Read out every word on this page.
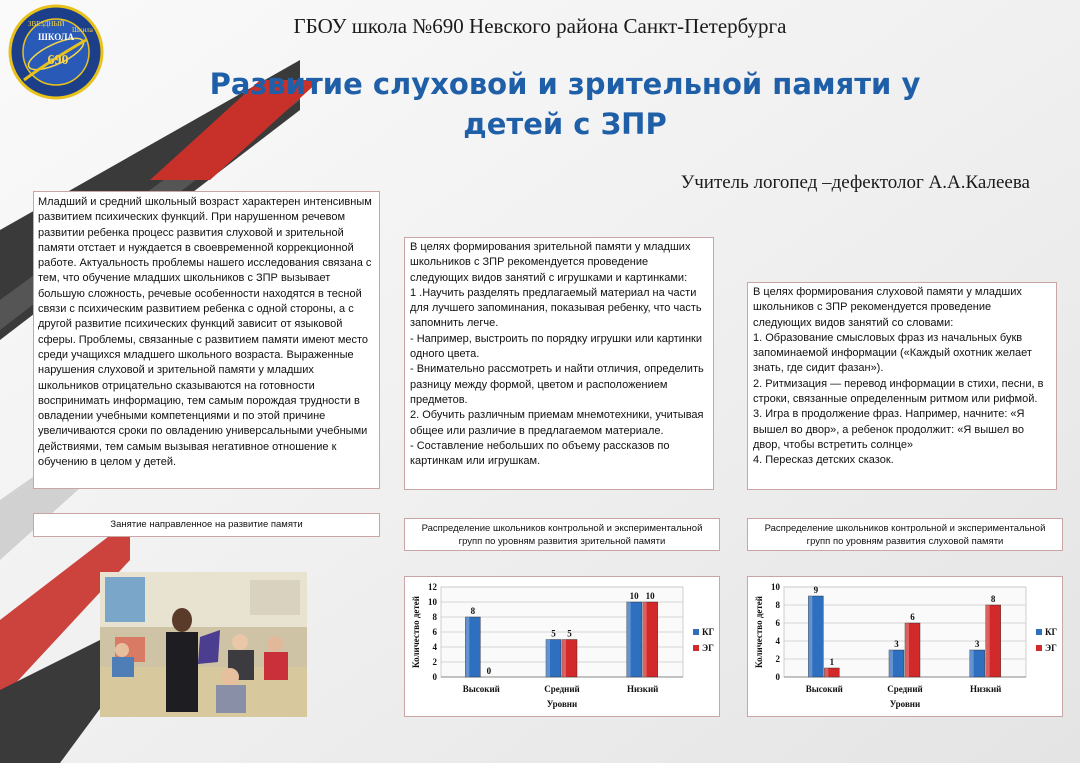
ШКОЛА
690
ЗВЕЗДНЫЙ
Шкила	ГБОУ школа №690 Невского района Санкт-Петербурга
Развитие слуховой и зрительной памяти у
детей с ЗПР
Учитель логопед –дефектолог А.А.Калеева

Младший и средний школьный возраст характерен интенсивным развитием психических функций. При нарушенном речевом развитии ребенка процесс развития слуховой и зрительной памяти отстает и нуждается в своевременной коррекционной работе. Актуальность проблемы нашего исследования связана с тем, что обучение младших школьников с ЗПР вызывает большую сложность, речевые особенности находятся в тесной связи с психическим развитием ребенка с одной стороны, а с другой развитие психических функций зависит от языковой сферы. Проблемы, связанные с развитием памяти имеют место среди учащихся младшего школьного возраста. Выраженные нарушения слуховой и зрительной памяти у младших школьников отрицательно сказываются на готовности воспринимать информацию, тем самым порождая трудности в овладении учебными компетенциями и по этой причине увеличиваются сроки по овладению универсальными учебными действиями, тем самым вызывая негативное отношение к обучению в целом у детей.

В целях формирования зрительной памяти у младших школьников с ЗПР рекомендуется проведение следующих видов занятий с игрушками и картинками:

1 .Научить разделять предлагаемый материал на части для лучшего запоминания, показывая ребенку, что часть запомнить легче.

- Например, выстроить по порядку игрушки или картинки одного цвета.

- Внимательно рассмотреть и найти отличия, определить разницу между формой, цветом и расположением предметов.

2. Обучить различным приемам мнемотехники, учитывая общее или различие в предлагаемом материале.

- Составление небольших по объему рассказов по картинкам или игрушкам.

В целях формирования слуховой памяти у младших школьников с ЗПР рекомендуется проведение следующих видов занятий со словами:

1. Образование смысловых фраз из начальных букв запоминаемой информации («Каждый охотник желает знать, где сидит фазан»).

2. Ритмизация — перевод информации в стихи, песни, в строки, связанные определенным ритмом или рифмой.

3. Игра в продолжение фраз. Например, начните: «Я вышел во двор», а ребенок продолжит: «Я вышел во двор, чтобы встретить солнце»

4. Пересказ детских сказок.

Занятие направленное на развитие памяти	Распределение школьников контрольной и экспериментальной групп по уровням развития зрительной памяти
Распределение школьников контрольной и экспериментальной групп по уровням развития слуховой памяти
0
2
4
6
8
10
12
8
0
Высокий
5 5
Средний
10 10
Низкий
Уровни
Количество детей	КГ
ЭГ
0
2
4
6
8
10	9
1
Высокий
3
6
Средний
3
8
Низкий
Уровни
Количество детей	КГ
ЭГ
